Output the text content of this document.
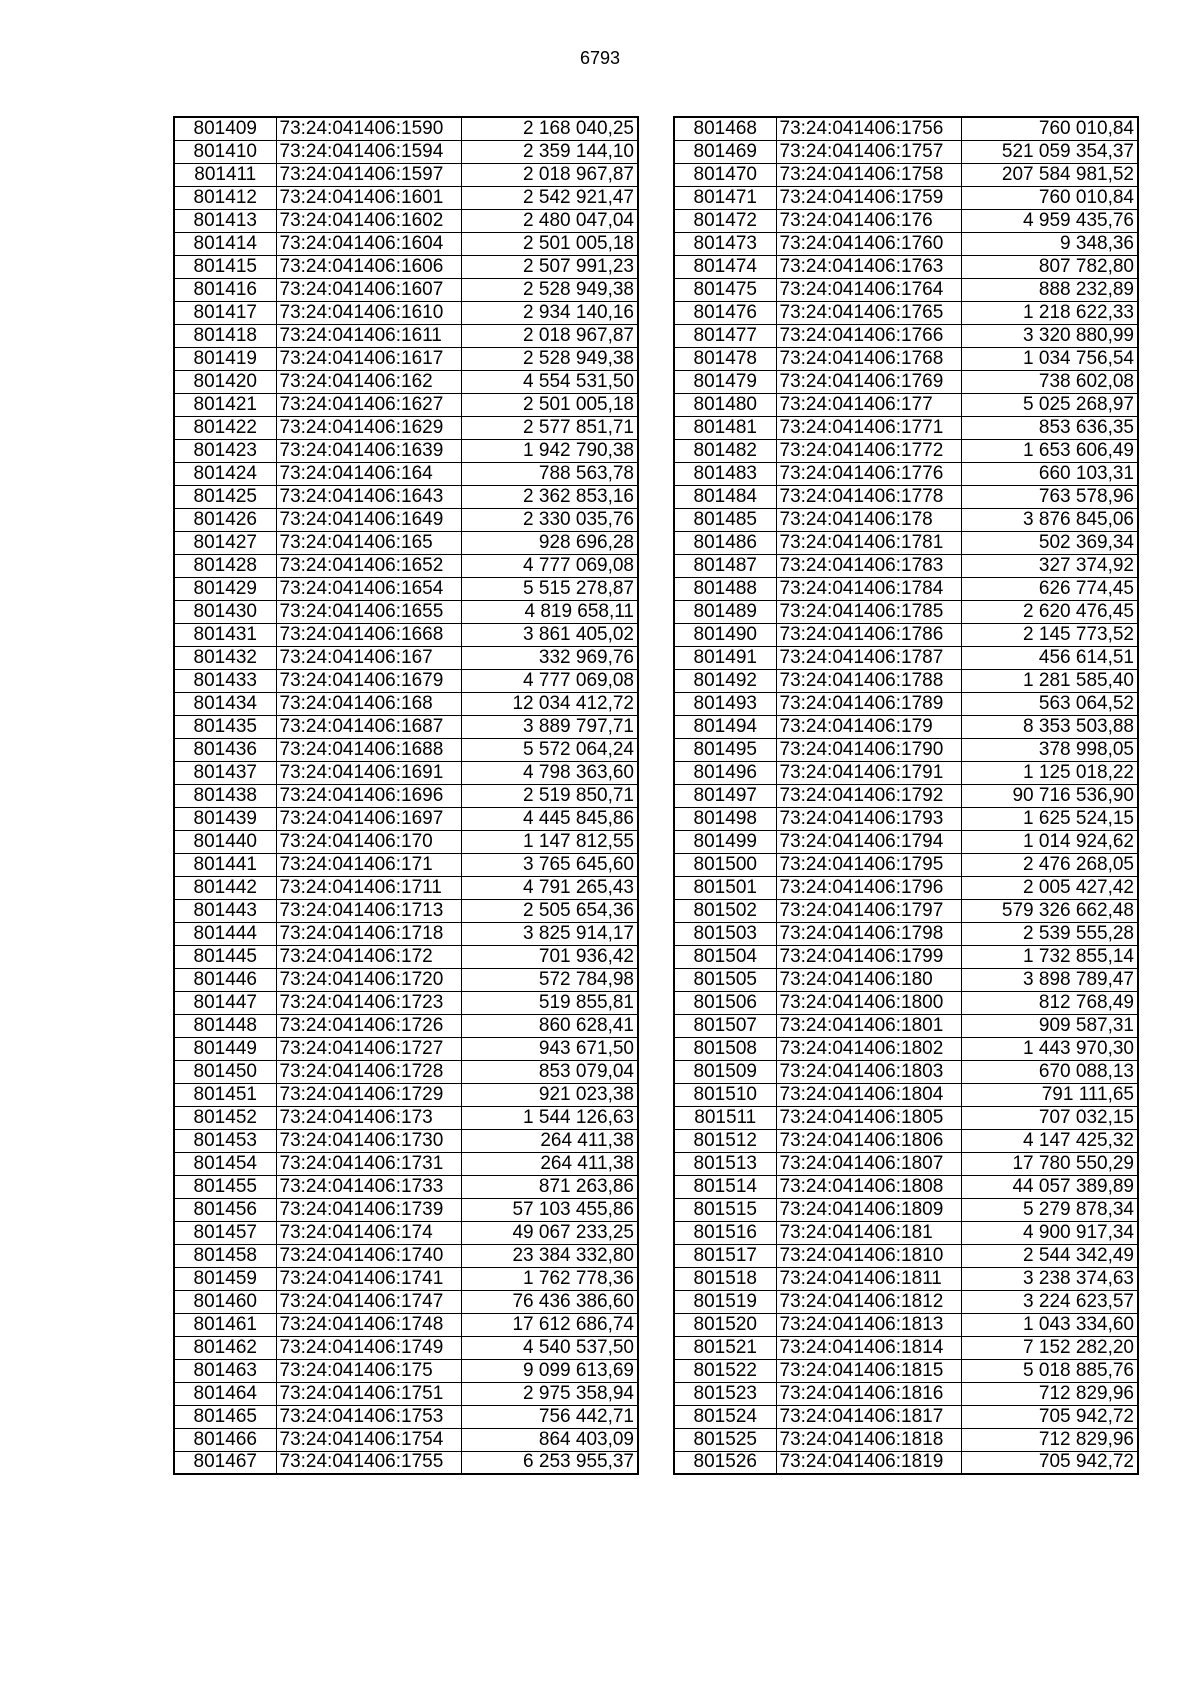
6793
801409	73:24:041406:1590	2 168 040,25
801410	73:24:041406:1594	2 359 144,10
801411	73:24:041406:1597	2 018 967,87
801412	73:24:041406:1601	2 542 921,47
801413	73:24:041406:1602	2 480 047,04
801414	73:24:041406:1604	2 501 005,18
801415	73:24:041406:1606	2 507 991,23
801416	73:24:041406:1607	2 528 949,38
801417	73:24:041406:1610	2 934 140,16
801418	73:24:041406:1611	2 018 967,87
801419	73:24:041406:1617	2 528 949,38
801420	73:24:041406:162	4 554 531,50
801421	73:24:041406:1627	2 501 005,18
801422	73:24:041406:1629	2 577 851,71
801423	73:24:041406:1639	1 942 790,38
801424	73:24:041406:164	788 563,78
801425	73:24:041406:1643	2 362 853,16
801426	73:24:041406:1649	2 330 035,76
801427	73:24:041406:165	928 696,28
801428	73:24:041406:1652	4 777 069,08
801429	73:24:041406:1654	5 515 278,87
801430	73:24:041406:1655	4 819 658,11
801431	73:24:041406:1668	3 861 405,02
801432	73:24:041406:167	332 969,76
801433	73:24:041406:1679	4 777 069,08
801434	73:24:041406:168	12 034 412,72
801435	73:24:041406:1687	3 889 797,71
801436	73:24:041406:1688	5 572 064,24
801437	73:24:041406:1691	4 798 363,60
801438	73:24:041406:1696	2 519 850,71
801439	73:24:041406:1697	4 445 845,86
801440	73:24:041406:170	1 147 812,55
801441	73:24:041406:171	3 765 645,60
801442	73:24:041406:1711	4 791 265,43
801443	73:24:041406:1713	2 505 654,36
801444	73:24:041406:1718	3 825 914,17
801445	73:24:041406:172	701 936,42
801446	73:24:041406:1720	572 784,98
801447	73:24:041406:1723	519 855,81
801448	73:24:041406:1726	860 628,41
801449	73:24:041406:1727	943 671,50
801450	73:24:041406:1728	853 079,04
801451	73:24:041406:1729	921 023,38
801452	73:24:041406:173	1 544 126,63
801453	73:24:041406:1730	264 411,38
801454	73:24:041406:1731	264 411,38
801455	73:24:041406:1733	871 263,86
801456	73:24:041406:1739	57 103 455,86
801457	73:24:041406:174	49 067 233,25
801458	73:24:041406:1740	23 384 332,80
801459	73:24:041406:1741	1 762 778,36
801460	73:24:041406:1747	76 436 386,60
801461	73:24:041406:1748	17 612 686,74
801462	73:24:041406:1749	4 540 537,50
801463	73:24:041406:175	9 099 613,69
801464	73:24:041406:1751	2 975 358,94
801465	73:24:041406:1753	756 442,71
801466	73:24:041406:1754	864 403,09
801467	73:24:041406:1755	6 253 955,37
801468	73:24:041406:1756	760 010,84
801469	73:24:041406:1757	521 059 354,37
801470	73:24:041406:1758	207 584 981,52
801471	73:24:041406:1759	760 010,84
801472	73:24:041406:176	4 959 435,76
801473	73:24:041406:1760	9 348,36
801474	73:24:041406:1763	807 782,80
801475	73:24:041406:1764	888 232,89
801476	73:24:041406:1765	1 218 622,33
801477	73:24:041406:1766	3 320 880,99
801478	73:24:041406:1768	1 034 756,54
801479	73:24:041406:1769	738 602,08
801480	73:24:041406:177	5 025 268,97
801481	73:24:041406:1771	853 636,35
801482	73:24:041406:1772	1 653 606,49
801483	73:24:041406:1776	660 103,31
801484	73:24:041406:1778	763 578,96
801485	73:24:041406:178	3 876 845,06
801486	73:24:041406:1781	502 369,34
801487	73:24:041406:1783	327 374,92
801488	73:24:041406:1784	626 774,45
801489	73:24:041406:1785	2 620 476,45
801490	73:24:041406:1786	2 145 773,52
801491	73:24:041406:1787	456 614,51
801492	73:24:041406:1788	1 281 585,40
801493	73:24:041406:1789	563 064,52
801494	73:24:041406:179	8 353 503,88
801495	73:24:041406:1790	378 998,05
801496	73:24:041406:1791	1 125 018,22
801497	73:24:041406:1792	90 716 536,90
801498	73:24:041406:1793	1 625 524,15
801499	73:24:041406:1794	1 014 924,62
801500	73:24:041406:1795	2 476 268,05
801501	73:24:041406:1796	2 005 427,42
801502	73:24:041406:1797	579 326 662,48
801503	73:24:041406:1798	2 539 555,28
801504	73:24:041406:1799	1 732 855,14
801505	73:24:041406:180	3 898 789,47
801506	73:24:041406:1800	812 768,49
801507	73:24:041406:1801	909 587,31
801508	73:24:041406:1802	1 443 970,30
801509	73:24:041406:1803	670 088,13
801510	73:24:041406:1804	791 111,65
801511	73:24:041406:1805	707 032,15
801512	73:24:041406:1806	4 147 425,32
801513	73:24:041406:1807	17 780 550,29
801514	73:24:041406:1808	44 057 389,89
801515	73:24:041406:1809	5 279 878,34
801516	73:24:041406:181	4 900 917,34
801517	73:24:041406:1810	2 544 342,49
801518	73:24:041406:1811	3 238 374,63
801519	73:24:041406:1812	3 224 623,57
801520	73:24:041406:1813	1 043 334,60
801521	73:24:041406:1814	7 152 282,20
801522	73:24:041406:1815	5 018 885,76
801523	73:24:041406:1816	712 829,96
801524	73:24:041406:1817	705 942,72
801525	73:24:041406:1818	712 829,96
801526	73:24:041406:1819	705 942,72
